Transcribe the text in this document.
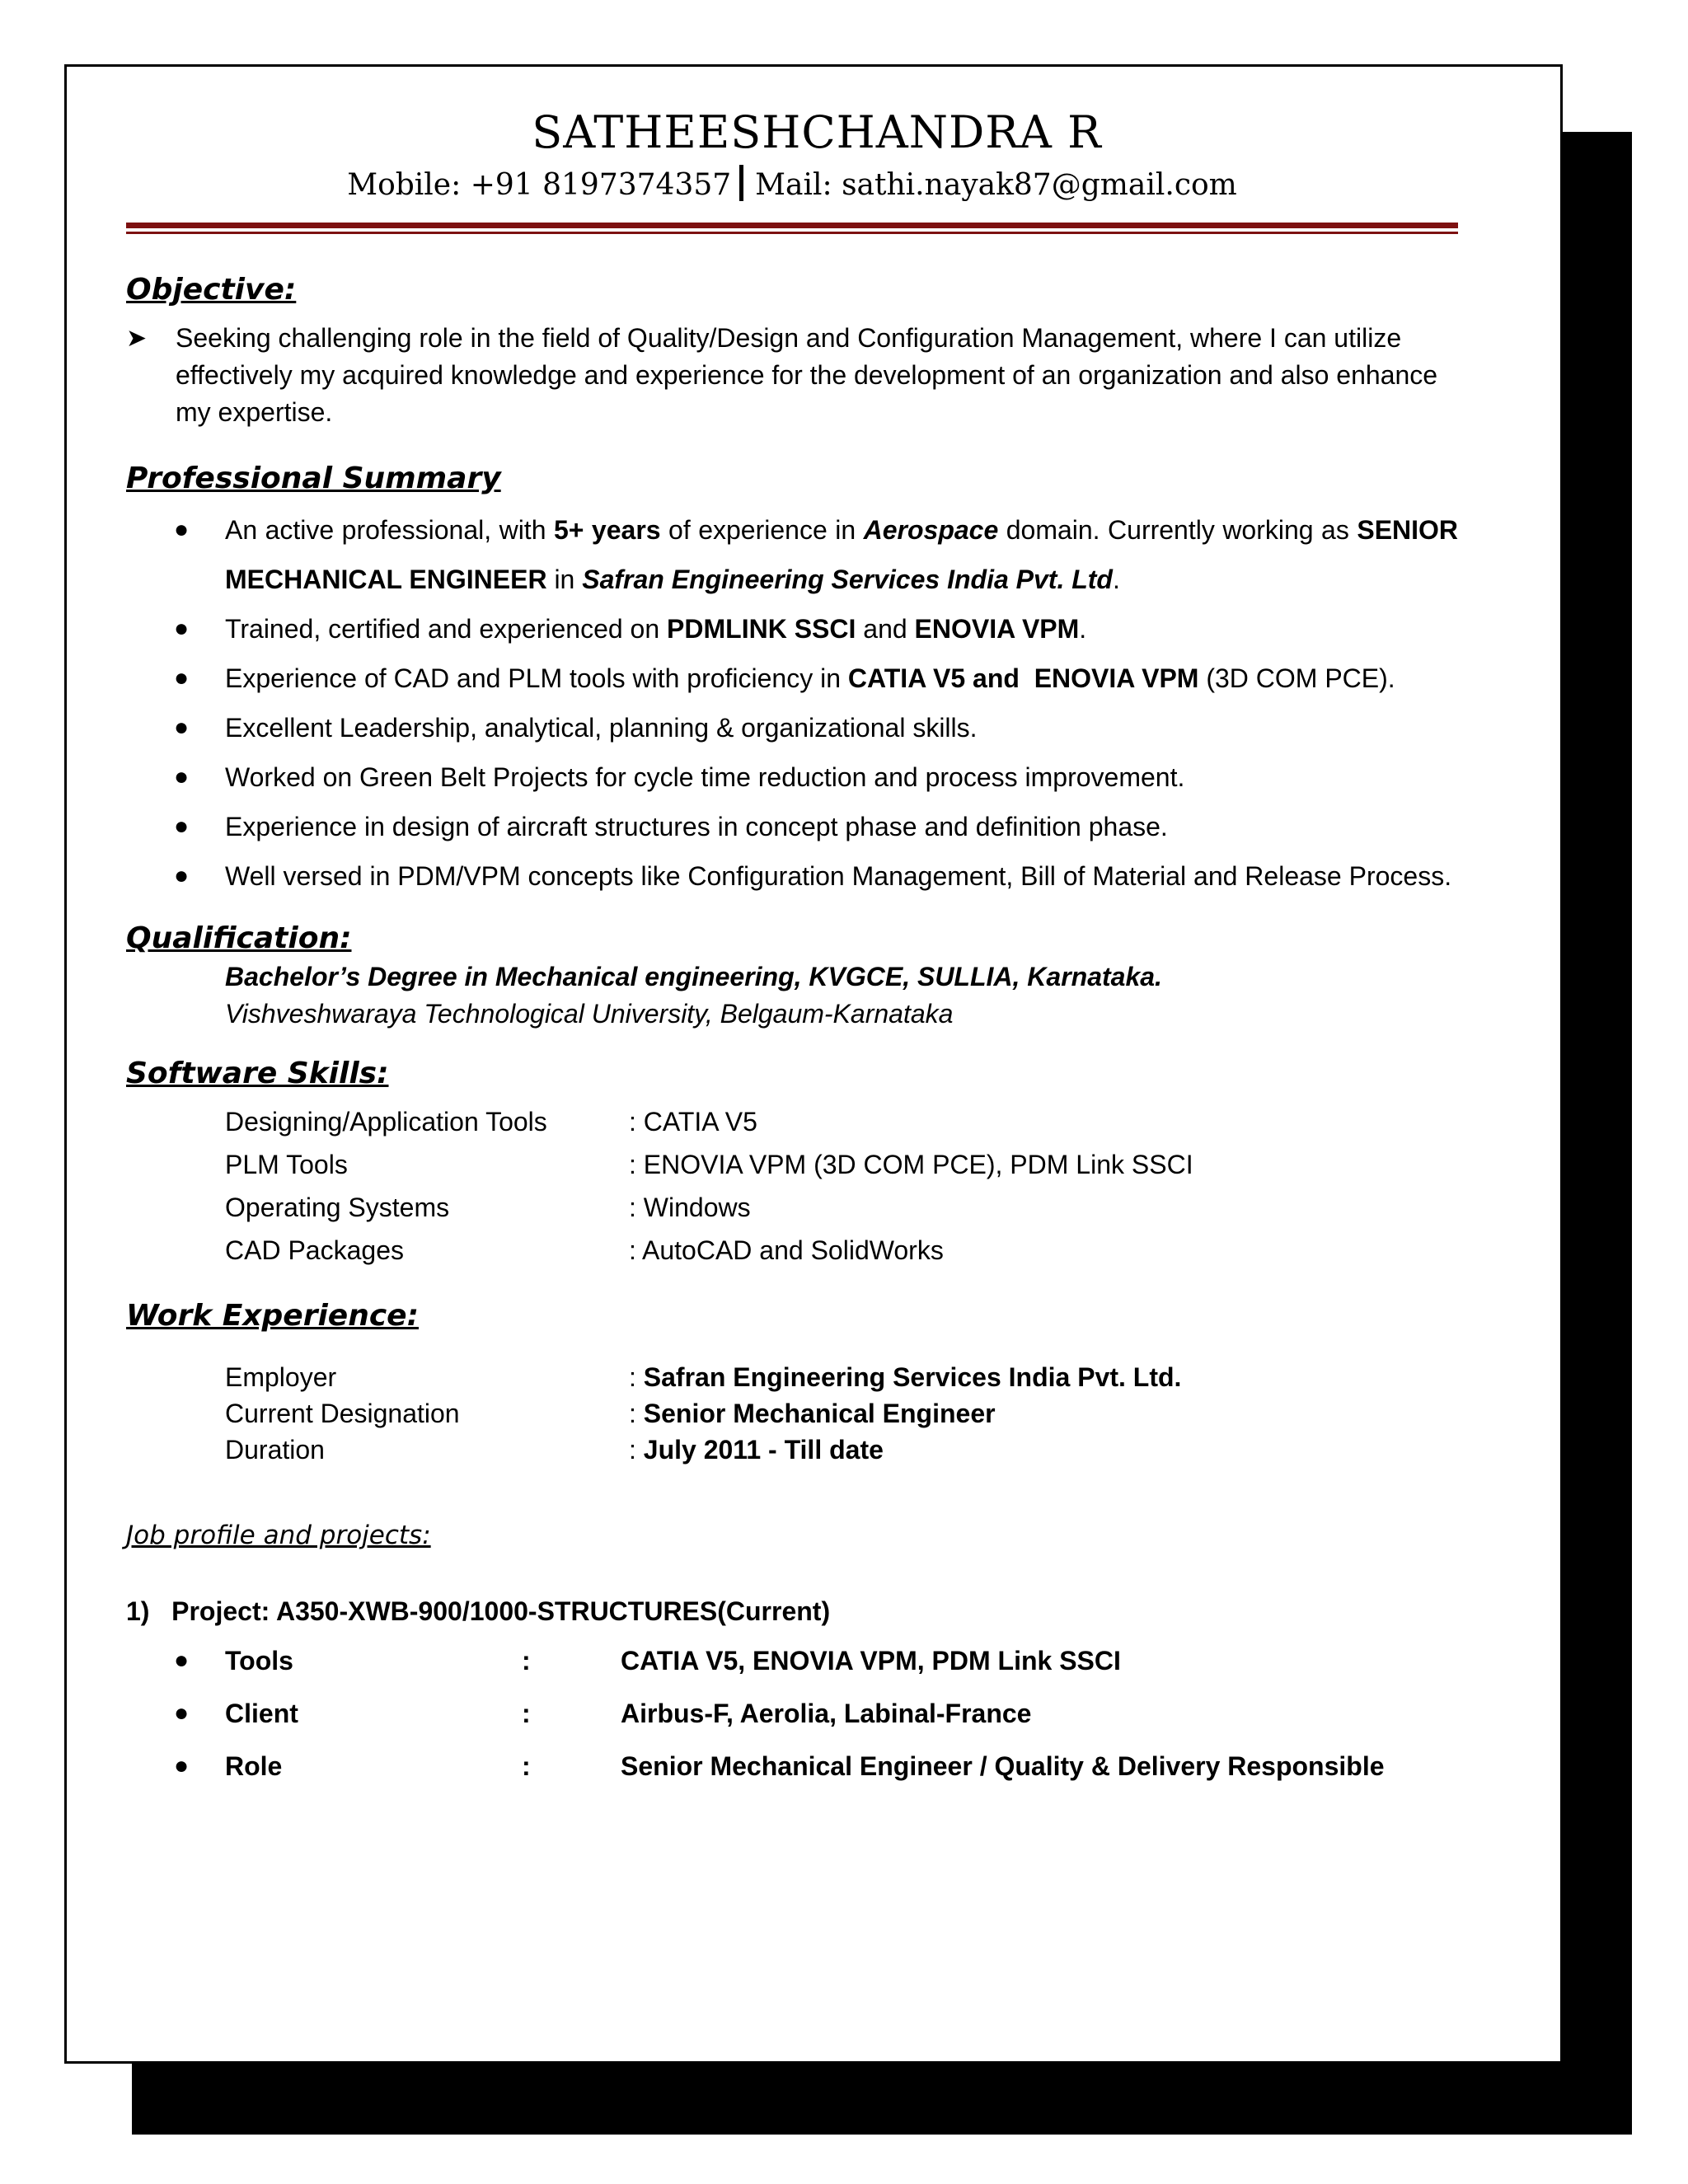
SATHEESHCHANDRA R
Mobile: +91 8197374357 Mail: sathi.nayak87@gmail.com
Objective:
➤	Seeking challenging role in the field of Quality/Design and Configuration Management, where I can utilize effectively my acquired knowledge and experience for the development of an organization and also enhance my expertise.
Professional Summary
●	An active professional, with 5+ years of experience in Aerospace domain. Currently working as SENIOR MECHANICAL ENGINEER in Safran Engineering Services India Pvt. Ltd.
●	Trained, certified and experienced on PDMLINK SSCI and ENOVIA VPM.
●	Experience of CAD and PLM tools with proficiency in CATIA V5 and  ENOVIA VPM (3D COM PCE).
●	Excellent Leadership, analytical, planning & organizational skills.
●	Worked on Green Belt Projects for cycle time reduction and process improvement.
●	Experience in design of aircraft structures in concept phase and definition phase.
●	Well versed in PDM/VPM concepts like Configuration Management, Bill of Material and Release Process.
Qualification:
Bachelor’s Degree in Mechanical engineering, KVGCE, SULLIA, Karnataka.
Vishveshwaraya Technological University, Belgaum-Karnataka
Software Skills:
Designing/Application Tools	: CATIA V5
PLM Tools	: ENOVIA VPM (3D COM PCE), PDM Link SSCI
Operating Systems	: Windows
CAD Packages	: AutoCAD and SolidWorks
Work Experience:
Employer	: Safran Engineering Services India Pvt. Ltd.
Current Designation	: Senior Mechanical Engineer
Duration	: July 2011 - Till date
Job profile and projects:
1)   Project: A350-XWB-900/1000-STRUCTURES(Current)
●	Tools	:	CATIA V5, ENOVIA VPM, PDM Link SSCI
●	Client	:	Airbus-F, Aerolia, Labinal-France
●	Role	:	Senior Mechanical Engineer / Quality & Delivery Responsible
